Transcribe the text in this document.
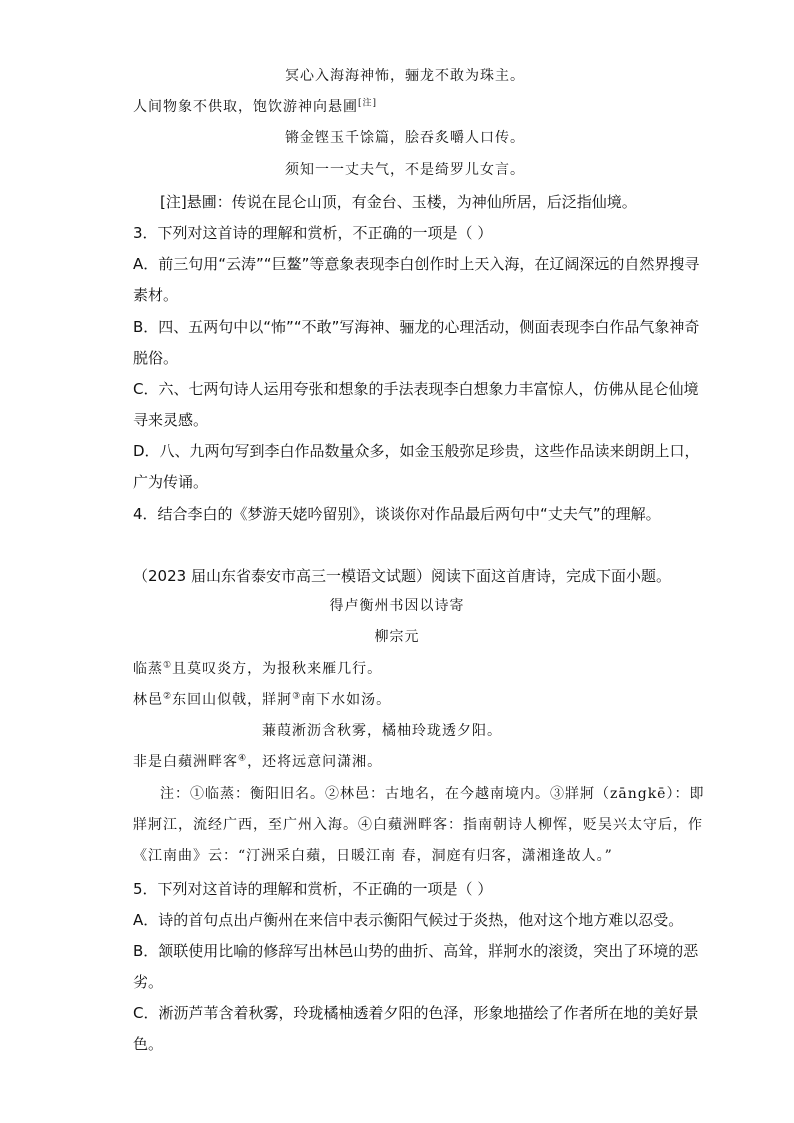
冥心入海海神怖，骊龙不敢为珠主。
人间物象不供取，饱饮游神向悬圃[注]
锵金铿玉千馀篇，脍吞炙嚼人口传。
须知一一丈夫气，不是绮罗儿女言。
[注]悬圃：传说在昆仑山顶，有金台、玉楼，为神仙所居，后泛指仙境。
3．下列对这首诗的理解和赏析，不正确的一项是（ ）
A．前三句用“云涛”“巨鳌”等意象表现李白创作时上天入海，在辽阔深远的自然界搜寻
素材。
B．四、五两句中以“怖”“不敢”写海神、骊龙的心理活动，侧面表现李白作品气象神奇
脱俗。
C．六、七两句诗人运用夸张和想象的手法表现李白想象力丰富惊人，仿佛从昆仑仙境
寻来灵感。
D．八、九两句写到李白作品数量众多，如金玉般弥足珍贵，这些作品读来朗朗上口，
广为传诵。
4．结合李白的《梦游天姥吟留别》，谈谈你对作品最后两句中“丈夫气”的理解。
（2023 届山东省泰安市高三一模语文试题）阅读下面这首唐诗，完成下面小题。
得卢衡州书因以诗寄
柳宗元
临蒸①且莫叹炎方，为报秋来雁几行。
林邑②东回山似戟，牂牁③南下水如汤。
蒹葭淅沥含秋雾，橘柚玲珑透夕阳。
非是白蘋洲畔客④，还将远意问潇湘。
注：①临蒸：衡阳旧名。②林邑：古地名，在今越南境内。③牂牁（zāngkē）：即
牂牁江，流经广西，至广州入海。④白蘋洲畔客：指南朝诗人柳恽，贬吴兴太守后，作
《江南曲》云：“汀洲采白蘋，日暖江南 春，洞庭有归客，潇湘逢故人。”
5．下列对这首诗的理解和赏析，不正确的一项是（ ）
A．诗的首句点出卢衡州在来信中表示衡阳气候过于炎热，他对这个地方难以忍受。
B．颔联使用比喻的修辞写出林邑山势的曲折、高耸，牂牁水的滚烫，突出了环境的恶
劣。
C．淅沥芦苇含着秋雾，玲珑橘柚透着夕阳的色泽，形象地描绘了作者所在地的美好景
色。
